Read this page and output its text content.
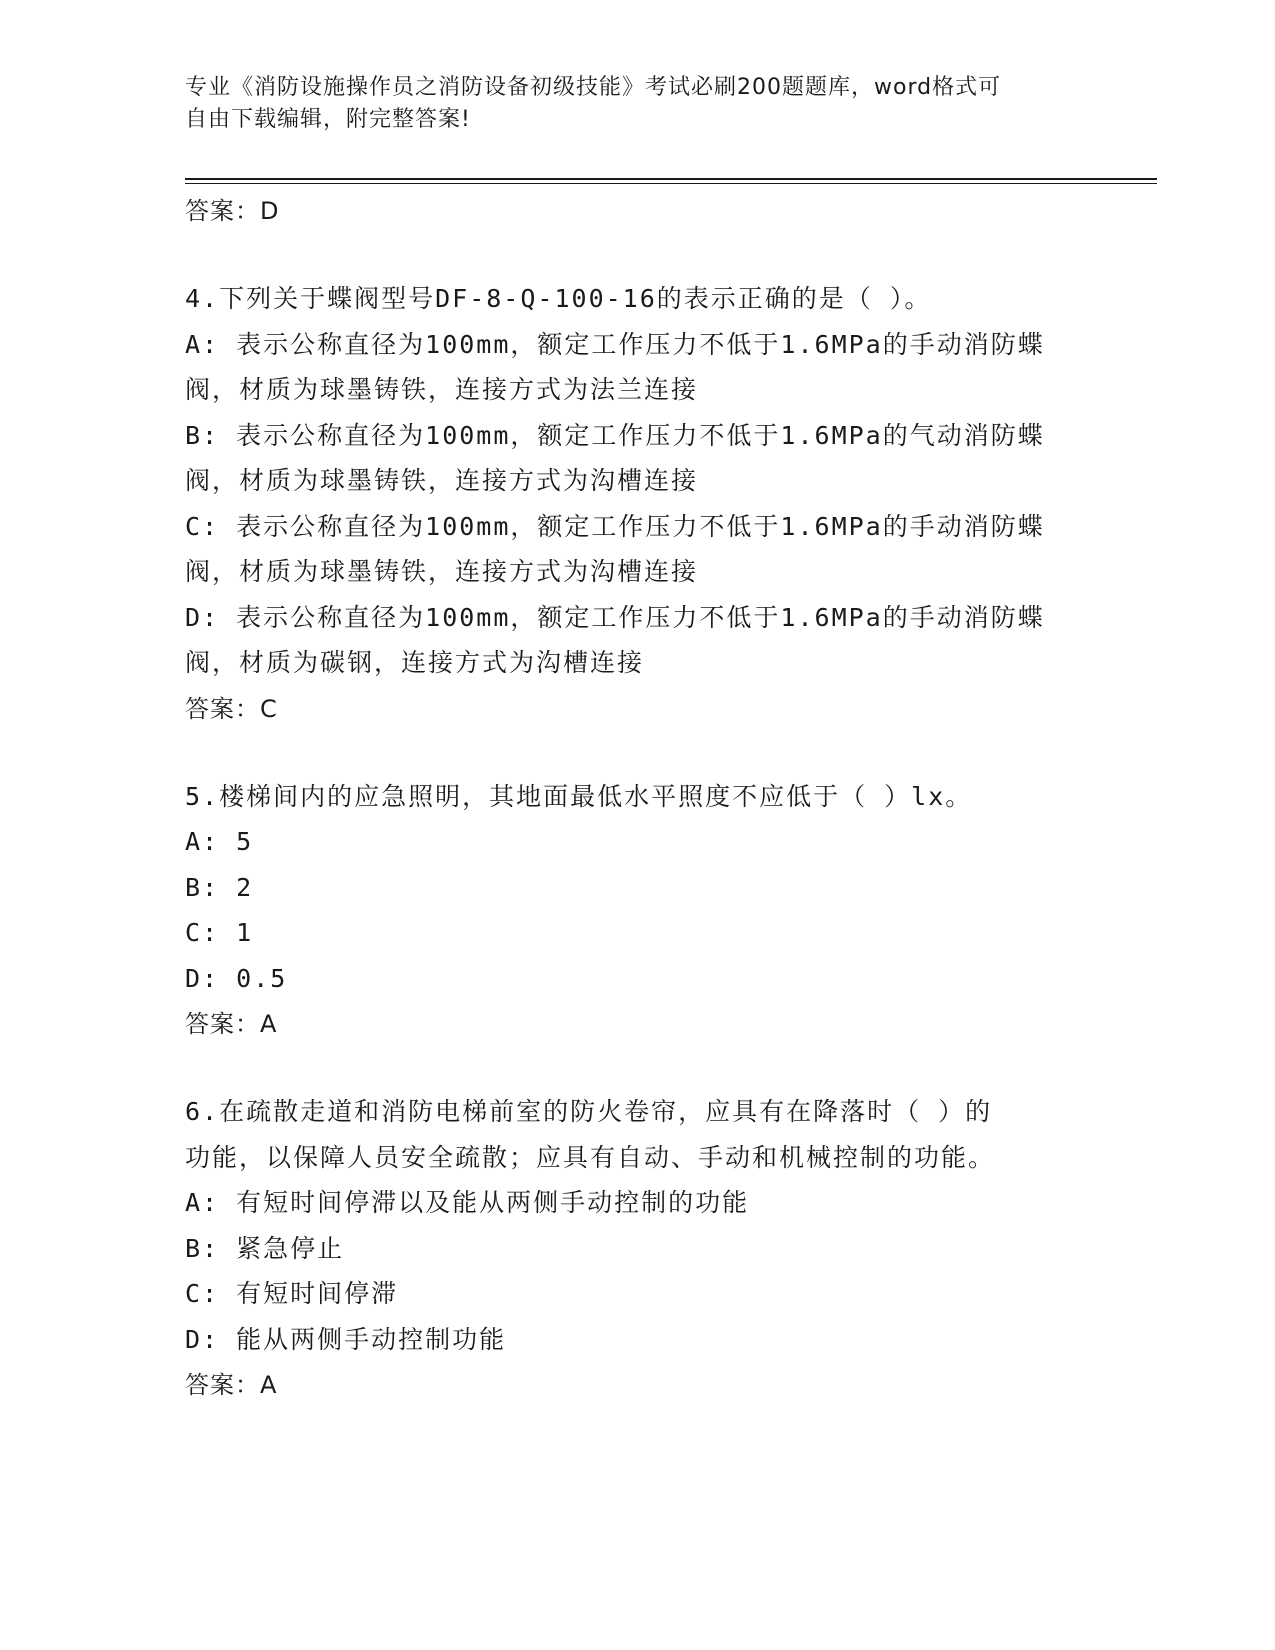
专业《消防设施操作员之消防设备初级技能》考试必刷200题题库，word格式可
自由下载编辑，附完整答案!
答案：D
4.下列关于蝶阀型号DF-8-Q-100-16的表示正确的是（ ）。
A: 表示公称直径为100mm，额定工作压力不低于1.6MPa的手动消防蝶
阀，材质为球墨铸铁，连接方式为法兰连接
B: 表示公称直径为100mm，额定工作压力不低于1.6MPa的气动消防蝶
阀，材质为球墨铸铁，连接方式为沟槽连接
C: 表示公称直径为100mm，额定工作压力不低于1.6MPa的手动消防蝶
阀，材质为球墨铸铁，连接方式为沟槽连接
D: 表示公称直径为100mm，额定工作压力不低于1.6MPa的手动消防蝶
阀，材质为碳钢，连接方式为沟槽连接
答案：C
5.楼梯间内的应急照明，其地面最低水平照度不应低于（ ）lx。
A: 5
B: 2
C: 1
D: 0.5
答案：A
6.在疏散走道和消防电梯前室的防火卷帘，应具有在降落时（ ）的
功能，以保障人员安全疏散；应具有自动、手动和机械控制的功能。
A: 有短时间停滞以及能从两侧手动控制的功能
B: 紧急停止
C: 有短时间停滞
D: 能从两侧手动控制功能
答案：A
